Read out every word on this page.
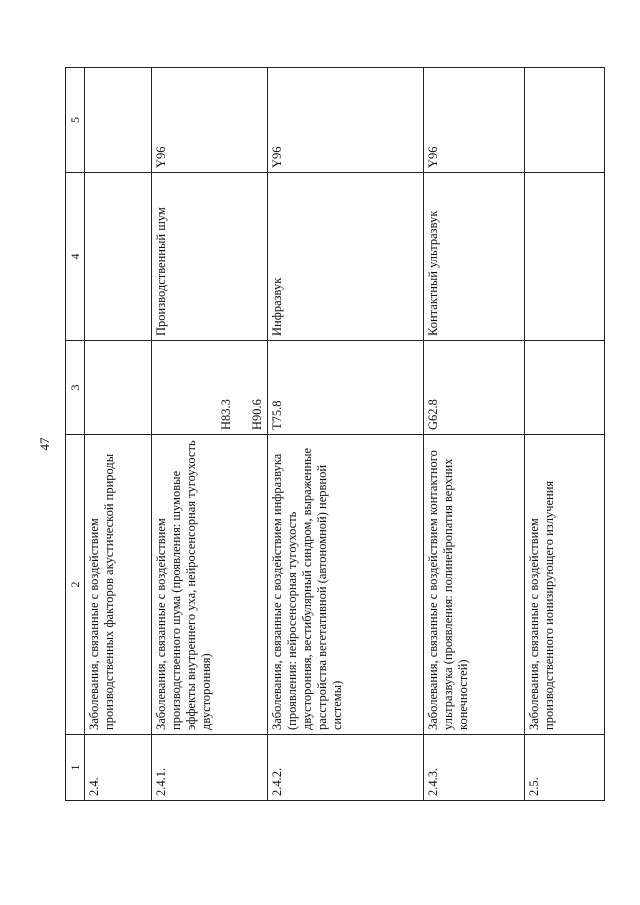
47
1	2	3	4	5
2.4.	Заболевания, связанные с воздействием производственных факторов акустической природы			
2.4.1.	Заболевания, связанные с воздействием производственного шума (проявления: шумовые эффекты внутреннего уха, нейросенсорная тугоухость двусторонняя)	H83.3 H90.6	Производственный шум	Y96
2.4.2.	Заболевания, связанные с воздействием инфразвука (проявления: нейросенсорная тугоухость двусторонняя, вестибулярный синдром, выраженные расстройства вегетативной (автономной) нервной системы)	T75.8	Инфразвук	Y96
2.4.3.	Заболевания, связанные с воздействием контактного ультразвука (проявления: полинейропатия верхних конечностей)	G62.8	Контактный ультразвук	Y96
2.5.	Заболевания, связанные с воздействием производственного ионизирующего излучения			
